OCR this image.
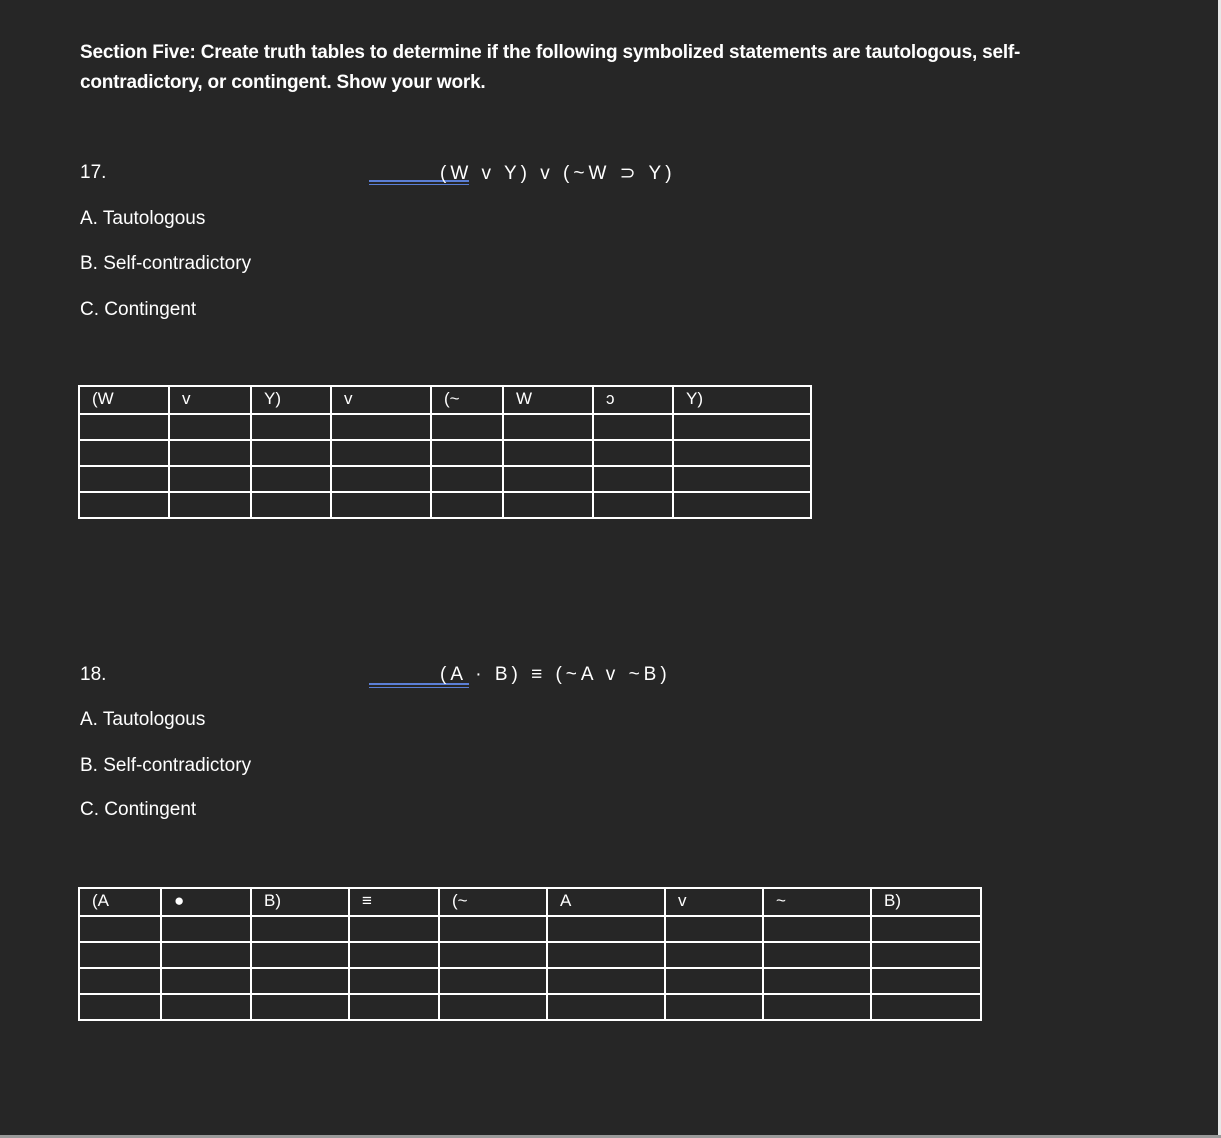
Section Five: Create truth tables to determine if the following symbolized statements are tautologous, self-contradictory, or contingent. Show your work.
17.	(W v Y) v (~W ⊃ Y)
A. Tautologous
B. Self-contradictory
C. Contingent
(W	v	Y)	v	(~	W	ɔ	Y)

18.	(A · B) ≡ (~A v ~B)
A. Tautologous
B. Self-contradictory
C. Contingent
(A	●	B)	≡	(~	A	v	~	B)
